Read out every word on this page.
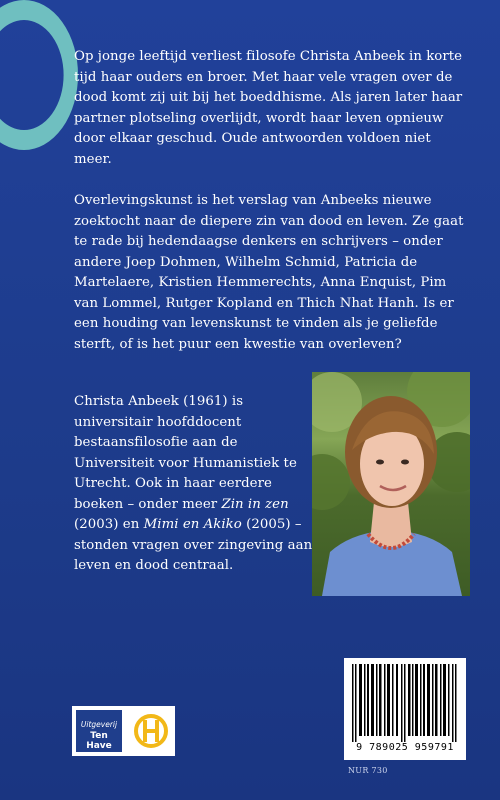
Op jonge leeftijd verliest filosofe Christa Anbeek in korte tijd haar ouders en broer. Met haar vele vragen over de dood komt zij uit bij het boeddhisme. Als jaren later haar partner plotseling overlijdt, wordt haar leven opnieuw door elkaar geschud. Oude antwoorden voldoen niet meer.
Overlevingskunst is het verslag van Anbeeks nieuwe zoektocht naar de diepere zin van dood en leven. Ze gaat te rade bij hedendaagse denkers en schrijvers – onder andere Joep Dohmen, Wilhelm Schmid, Patricia de Martelaere, Kristien Hemmerechts, Anna Enquist, Pim van Lommel, Rutger Kopland en Thich Nhat Hanh. Is er een houding van levenskunst te vinden als je geliefde sterft, of is het puur een kwestie van overleven?
Christa Anbeek (1961) is universitair hoofddocent bestaansfilosofie aan de Universiteit voor Humanistiek te Utrecht. Ook in haar eerdere boeken – onder meer Zin in zen (2003) en Mimi en Akiko (2005) – stonden vragen over zingeving aan leven en dood centraal.
Uitgeverij
Ten Have	9 789025 959791
NUR 730
